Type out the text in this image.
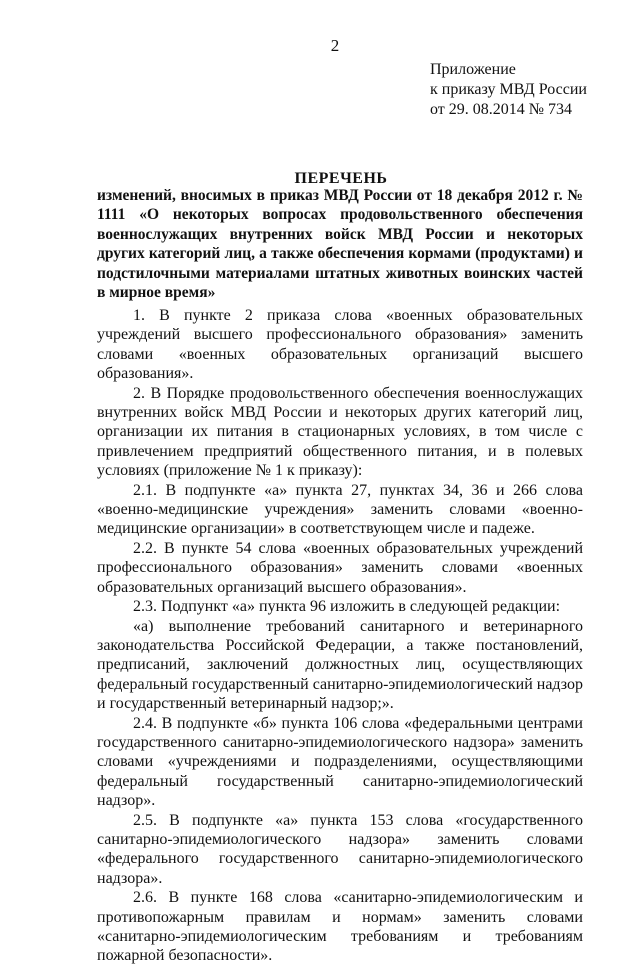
2
Приложение
к приказу МВД России
от 29. 08.2014 № 734
ПЕРЕЧЕНЬ
изменений, вносимых в приказ МВД России от 18 декабря 2012 г. № 1111 «О некоторых вопросах продовольственного обеспечения военнослужащих внутренних войск МВД России и некоторых других категорий лиц, а также обеспечения кормами (продуктами) и подстилочными материалами штатных животных воинских частей в мирное время»

1. В пункте 2 приказа слова «военных образовательных учреждений высшего профессионального образования» заменить словами «военных образовательных организаций высшего образования».

2. В Порядке продовольственного обеспечения военнослужащих внутренних войск МВД России и некоторых других категорий лиц, организации их питания в стационарных условиях, в том числе с привлечением предприятий общественного питания, и в полевых условиях (приложение № 1 к приказу):

2.1. В подпункте «а» пункта 27, пунктах 34, 36 и 266 слова «военно-медицинские учреждения» заменить словами «военно-медицинские организации» в соответствующем числе и падеже.

2.2. В пункте 54 слова «военных образовательных учреждений профессионального образования» заменить словами «военных образовательных организаций высшего образования».

2.3. Подпункт «а» пункта 96 изложить в следующей редакции:

«а) выполнение требований санитарного и ветеринарного законодательства Российской Федерации, а также постановлений, предписаний, заключений должностных лиц, осуществляющих федеральный государственный санитарно-эпидемиологический надзор и государственный ветеринарный надзор;».

2.4. В подпункте «б» пункта 106 слова «федеральными центрами государственного санитарно-эпидемиологического надзора» заменить словами «учреждениями и подразделениями, осуществляющими федеральный государственный санитарно-эпидемиологический надзор».

2.5. В подпункте «а» пункта 153 слова «государственного санитарно-эпидемиологического надзора» заменить словами «федерального государственного санитарно-эпидемиологического надзора».

2.6. В пункте 168 слова «санитарно-эпидемиологическим и противопожарным правилам и нормам» заменить словами «санитарно-эпидемиологическим требованиям и требованиям пожарной безопасности».
